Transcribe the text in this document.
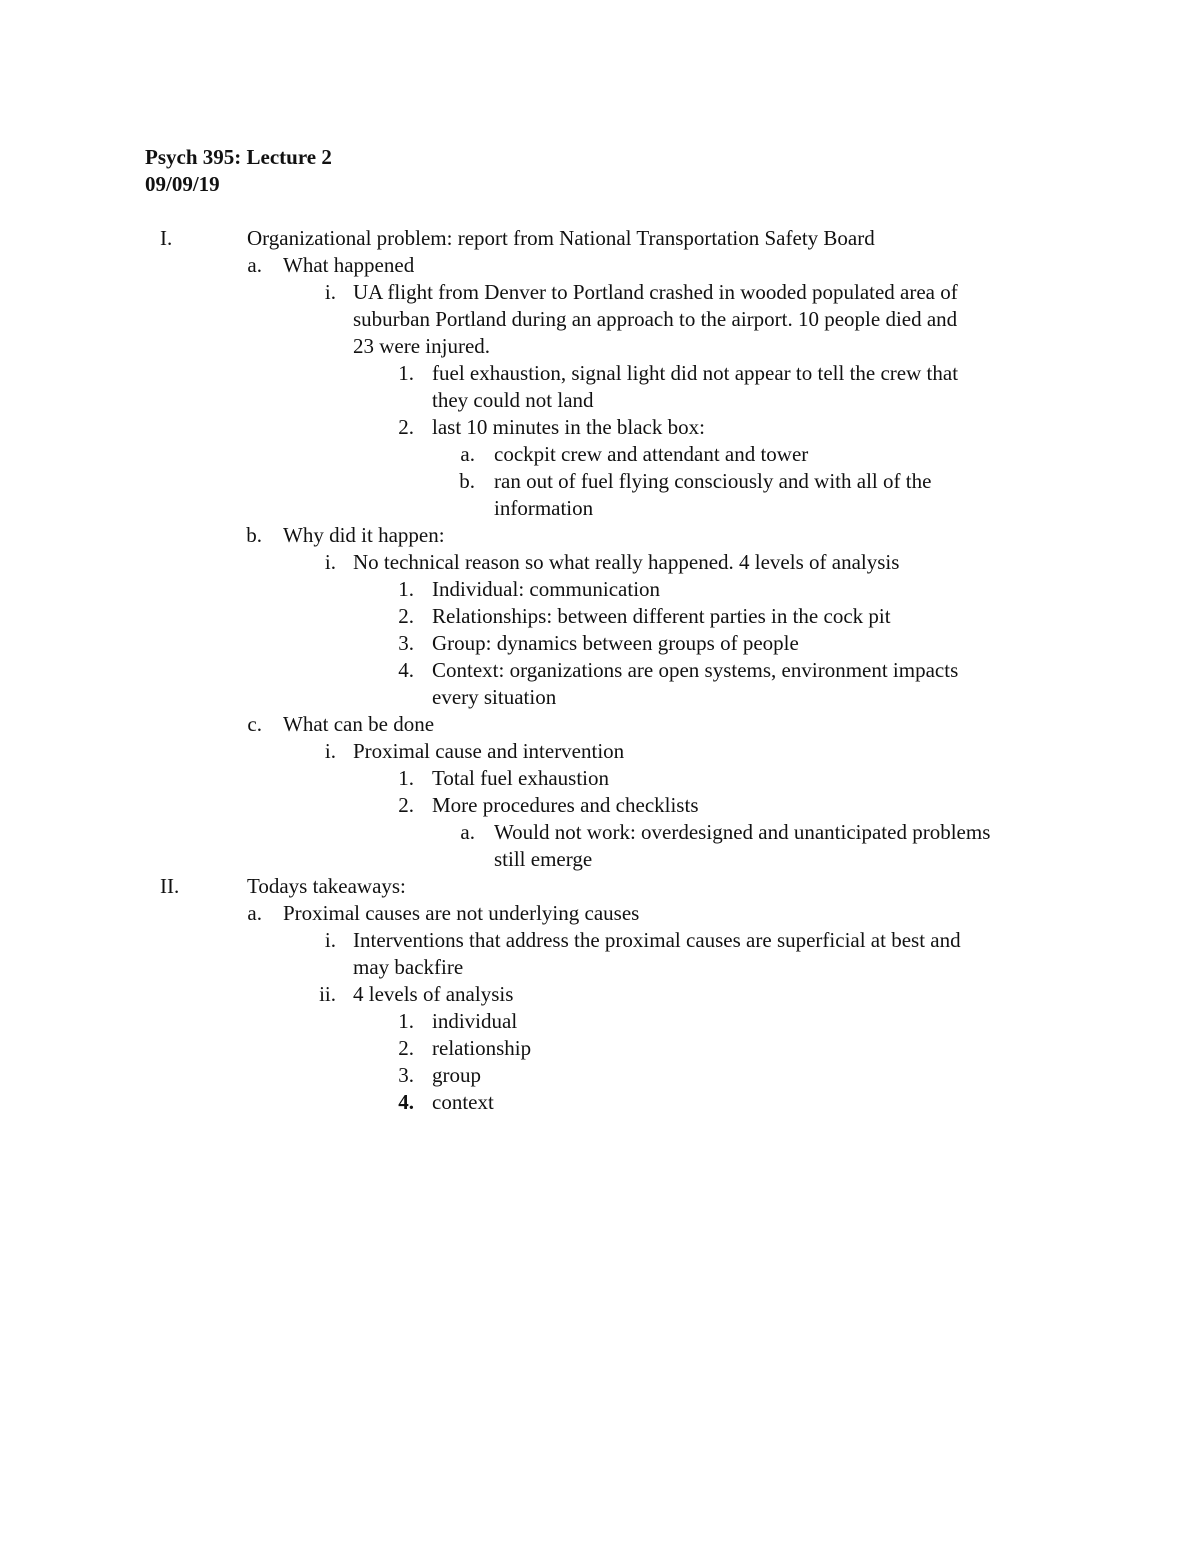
Psych 395: Lecture 2
09/09/19
I.	Organizational problem: report from National Transportation Safety Board
a. What happened
i. UA flight from Denver to Portland crashed in wooded populated area of
suburban Portland during an approach to the airport. 10 people died and
23 were injured.
1. fuel exhaustion, signal light did not appear to tell the crew that
they could not land
2. last 10 minutes in the black box:
a. cockpit crew and attendant and tower
b. ran out of fuel flying consciously and with all of the
information
b. Why did it happen:
i. No technical reason so what really happened. 4 levels of analysis
1. Individual: communication
2. Relationships: between different parties in the cock pit
3. Group: dynamics between groups of people
4. Context: organizations are open systems, environment impacts
every situation
c. What can be done
i. Proximal cause and intervention
1. Total fuel exhaustion
2. More procedures and checklists
a. Would not work: overdesigned and unanticipated problems
still emerge
II.	Todays takeaways:
a. Proximal causes are not underlying causes
i. Interventions that address the proximal causes are superficial at best and
may backfire
ii. 4 levels of analysis
1. individual
2. relationship
3. group
4. context
